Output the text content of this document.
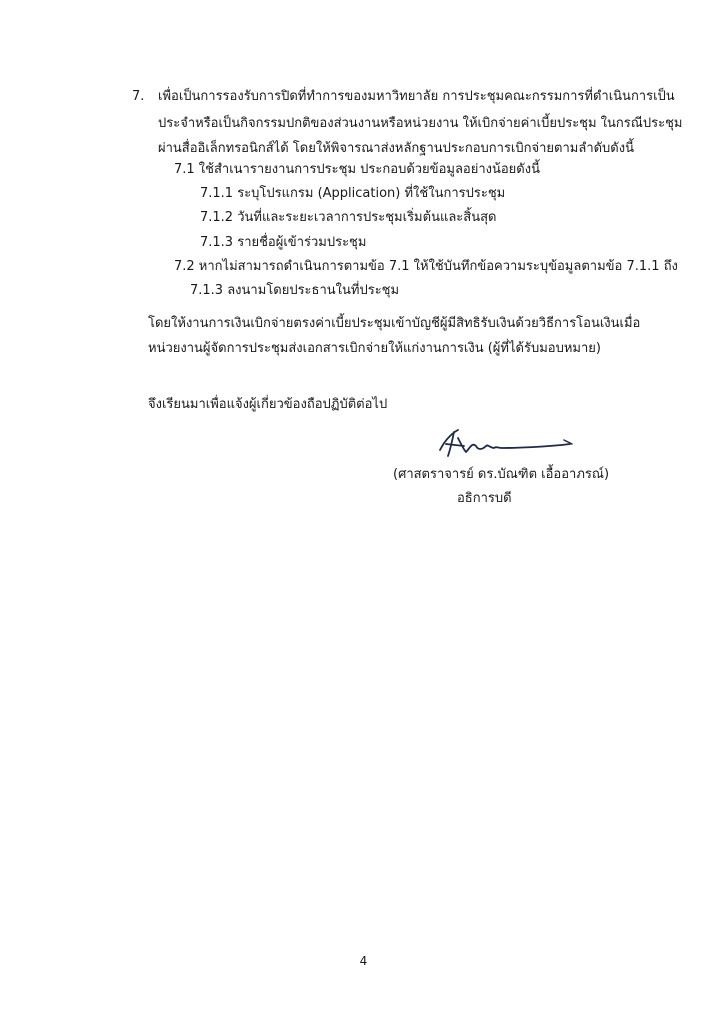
7. เพื่อเป็นการรองรับการปิดที่ทำการของมหาวิทยาลัย การประชุมคณะกรรมการที่ดำเนินการเป็น
ประจำหรือเป็นกิจกรรมปกติของส่วนงานหรือหน่วยงาน ให้เบิกจ่ายค่าเบี้ยประชุม ในกรณีประชุม
ผ่านสื่ออิเล็กทรอนิกส์ได้ โดยให้พิจารณาส่งหลักฐานประกอบการเบิกจ่ายตามลำดับดังนี้
7.1 ใช้สำเนารายงานการประชุม ประกอบด้วยข้อมูลอย่างน้อยดังนี้
7.1.1 ระบุโปรแกรม (Application) ที่ใช้ในการประชุม
7.1.2 วันที่และระยะเวลาการประชุมเริ่มต้นและสิ้นสุด
7.1.3 รายชื่อผู้เข้าร่วมประชุม
7.2 หากไม่สามารถดำเนินการตามข้อ 7.1 ให้ใช้บันทึกข้อความระบุข้อมูลตามข้อ 7.1.1 ถึง
7.1.3 ลงนามโดยประธานในที่ประชุม
โดยให้งานการเงินเบิกจ่ายตรงค่าเบี้ยประชุมเข้าบัญชีผู้มีสิทธิรับเงินด้วยวิธีการโอนเงินเมื่อ
หน่วยงานผู้จัดการประชุมส่งเอกสารเบิกจ่ายให้แก่งานการเงิน (ผู้ที่ได้รับมอบหมาย)
จึงเรียนมาเพื่อแจ้งผู้เกี่ยวข้องถือปฏิบัติต่อไป
(ศาสตราจารย์ ดร.บัณฑิต เอื้ออาภรณ์)
อธิการบดี
4
